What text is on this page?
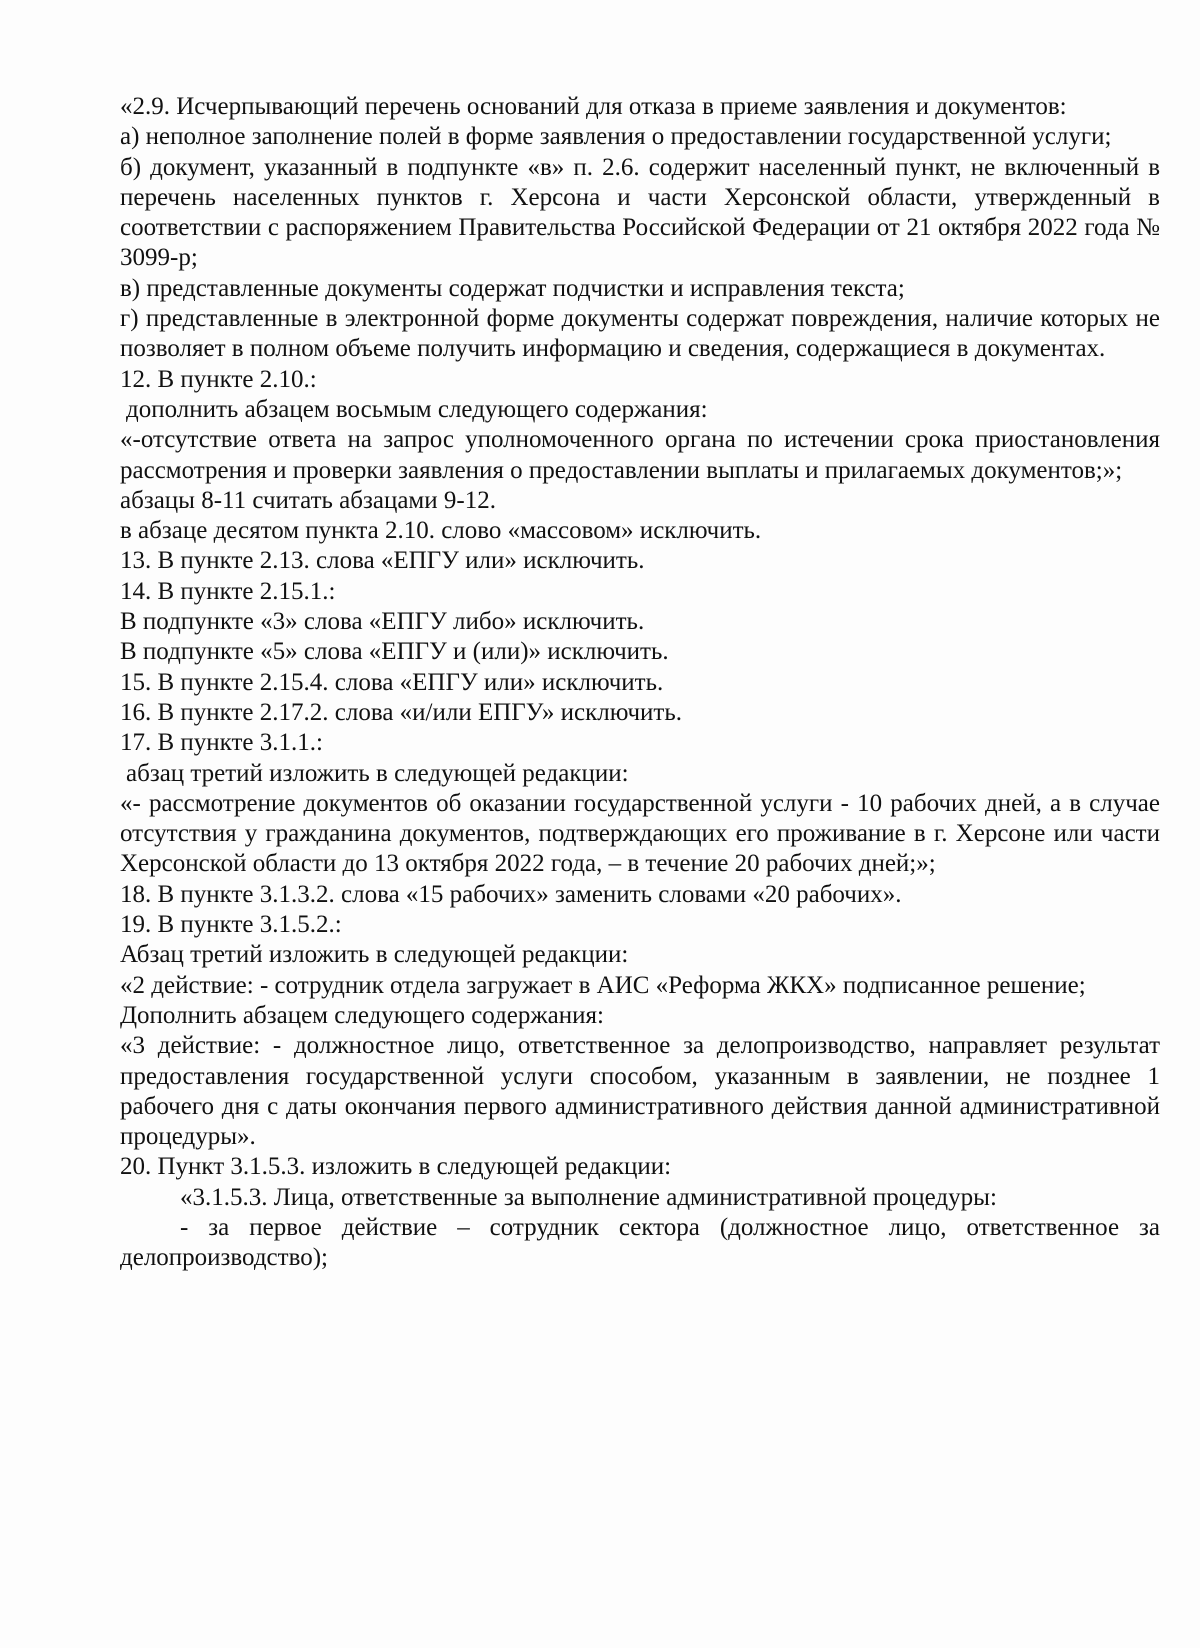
«2.9. Исчерпывающий перечень оснований для отказа в приеме заявления и документов:

а) неполное заполнение полей в форме заявления о предоставлении государственной услуги;

б) документ, указанный в подпункте «в» п. 2.6. содержит населенный пункт, не включенный в перечень населенных пунктов г. Херсона и части Херсонской области, утвержденный в соответствии с распоряжением Правительства Российской Федерации от 21 октября 2022 года № 3099-р;

в) представленные документы содержат подчистки и исправления текста;

г) представленные в электронной форме документы содержат повреждения, наличие которых не позволяет в полном объеме получить информацию и сведения, содержащиеся в документах.

12. В пункте 2.10.:

дополнить абзацем восьмым следующего содержания:

«-отсутствие ответа на запрос уполномоченного органа по истечении срока приостановления рассмотрения и проверки заявления о предоставлении выплаты и прилагаемых документов;»;

абзацы 8-11 считать абзацами 9-12.

в абзаце десятом пункта 2.10. слово «массовом» исключить.

13. В пункте 2.13. слова «ЕПГУ или» исключить.

14. В пункте 2.15.1.:

В подпункте «3» слова «ЕПГУ либо» исключить.

В подпункте «5» слова «ЕПГУ и (или)» исключить.

15. В пункте 2.15.4. слова «ЕПГУ или» исключить.

16. В пункте 2.17.2. слова «и/или ЕПГУ» исключить.

17. В пункте 3.1.1.:

абзац третий изложить в следующей редакции:

«- рассмотрение документов об оказании государственной услуги - 10 рабочих дней, а в случае отсутствия у гражданина документов, подтверждающих его проживание в г. Херсоне или части Херсонской области до 13 октября 2022 года, – в течение 20 рабочих дней;»;

18. В пункте 3.1.3.2. слова «15 рабочих» заменить словами «20 рабочих».

19. В пункте 3.1.5.2.:

Абзац третий изложить в следующей редакции:

«2 действие: - сотрудник отдела загружает в АИС «Реформа ЖКХ» подписанное решение;

Дополнить абзацем следующего содержания:

«3 действие: - должностное лицо, ответственное за делопроизводство, направляет результат предоставления государственной услуги способом, указанным в заявлении, не позднее 1 рабочего дня с даты окончания первого административного действия данной административной процедуры».

20. Пункт 3.1.5.3. изложить в следующей редакции:

«3.1.5.3. Лица, ответственные за выполнение административной процедуры:

- за первое действие – сотрудник сектора (должностное лицо, ответственное за делопроизводство);
